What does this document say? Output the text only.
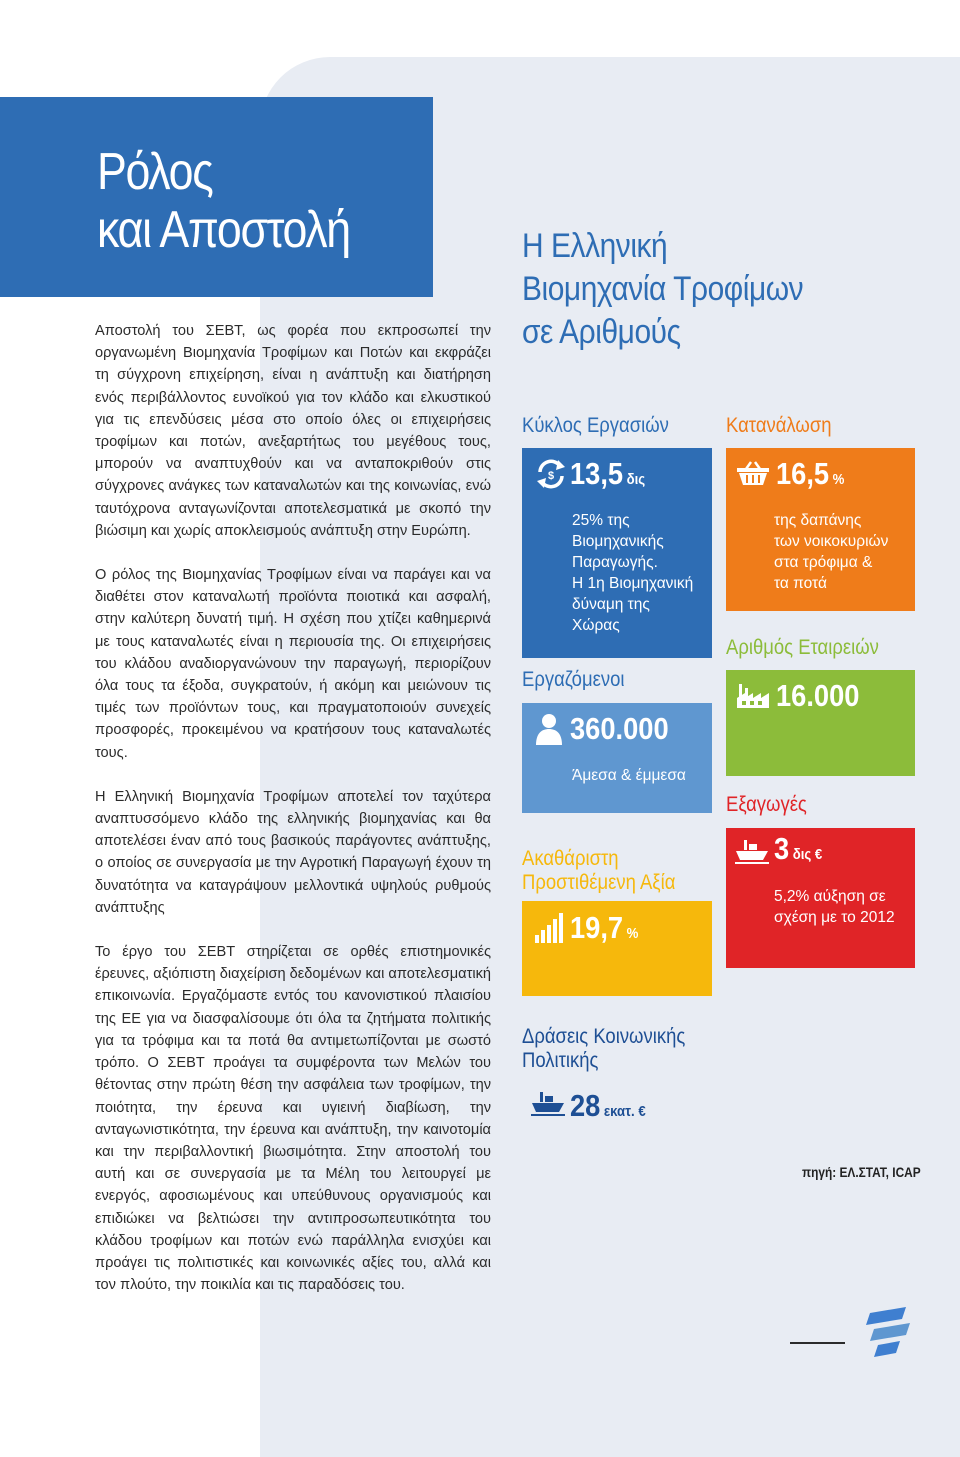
Ρόλος
και Αποστολή

Αποστολή του ΣΕΒΤ, ως φορέα που εκπροσωπεί την οργανωμένη Βιομηχανία Τροφίμων και Ποτών και εκφράζει τη σύγχρονη επιχείρηση, είναι η ανάπτυξη και διατήρηση ενός περιβάλλοντος ευνοϊκού για τον κλάδο και ελκυστικού για τις επενδύσεις μέσα στο οποίο όλες οι επιχειρήσεις τροφίμων και ποτών, ανεξαρτήτως του μεγέθους τους, μπορούν να αναπτυχθούν και να ανταποκριθούν στις σύγχρονες ανάγκες των καταναλωτών και της κοινωνίας, ενώ ταυτόχρονα ανταγωνίζονται αποτελεσματικά με σκοπό την βιώσιμη και χωρίς αποκλεισμούς ανάπτυξη στην Ευρώπη.

Ο ρόλος της Βιομηχανίας Τροφίμων είναι να παράγει και να διαθέτει στον καταναλωτή προϊόντα ποιοτικά και ασφαλή, στην καλύτερη δυνατή τιμή. Η σχέση που χτίζει καθημερινά με τους καταναλωτές είναι η περιουσία της. Οι επιχειρήσεις του κλάδου αναδιοργανώνουν την παραγωγή, περιορίζουν όλα τους τα έξοδα, συγκρατούν, ή ακόμη και μειώνουν τις τιμές των προϊόντων τους, και πραγματοποιούν συνεχείς προσφορές, προκειμένου να κρατήσουν τους καταναλωτές τους.

Η Ελληνική Βιομηχανία Τροφίμων αποτελεί τον ταχύτερα αναπτυσσόμενο κλάδο της ελληνικής βιομηχανίας και θα αποτελέσει έναν από τους βασικούς παράγοντες ανάπτυξης, ο οποίος σε συνεργασία με την Αγροτική Παραγωγή έχουν τη δυνατότητα να καταγράψουν μελλοντικά υψηλούς ρυθμούς ανάπτυξης

Το έργο του ΣΕΒΤ στηρίζεται σε ορθές επιστημονικές έρευνες, αξιόπιστη διαχείριση δεδομένων και αποτελεσματική επικοινωνία. Εργαζόμαστε εντός του κανονιστικού πλαισίου της ΕΕ για να διασφαλίσουμε ότι όλα τα ζητήματα πολιτικής για τα τρόφιμα και τα ποτά θα αντιμετωπίζονται με σωστό τρόπο. Ο ΣΕΒΤ προάγει τα συμφέροντα των Μελών του θέτοντας στην πρώτη θέση την ασφάλεια των τροφίμων, την ποιότητα, την έρευνα και υγιεινή διαβίωση, την ανταγωνιστικότητα, την έρευνα και ανάπτυξη, την καινοτομία και την περιβαλλοντική βιωσιμότητα. Στην αποστολή του αυτή και σε συνεργασία με τα Μέλη του λειτουργεί με ενεργός, αφοσιωμένους και υπεύθυνους οργανισμούς και επιδιώκει να βελτιώσει την αντιπροσωπευτικότητα του κλάδου τροφίμων και ποτών ενώ παράλληλα ενισχύει και προάγει τις πολιτιστικές και κοινωνικές αξίες του, αλλά και τον πλούτο, την ποικιλία και τις παραδόσεις του.

Η Ελληνική
Βιομηχανία Τροφίμων
σε Αριθμούς
Κύκλος Εργασιών
$ 13,5 δις
25% της
Βιομηχανικής
Παραγωγής.
Η 1η Βιομηχανική
δύναμη της
Χώρας
Κατανάλωση
16,5 %
της δαπάνης
των νοικοκυριών
στα τρόφιμα &
τα ποτά
Αριθμός Εταιρειών
16.000
Εργαζόμενοι
360.000
Άμεσα & έμμεσα
Εξαγωγές
3 δις €
5,2% αύξηση σε
σχέση με το 2012
Ακαθάριστη
Προστιθέμενη Αξία
19,7 %
Δράσεις Κοινωνικής
Πολιτικής
28 εκατ. €
πηγή: ΕΛ.ΣΤΑΤ, ICAP
